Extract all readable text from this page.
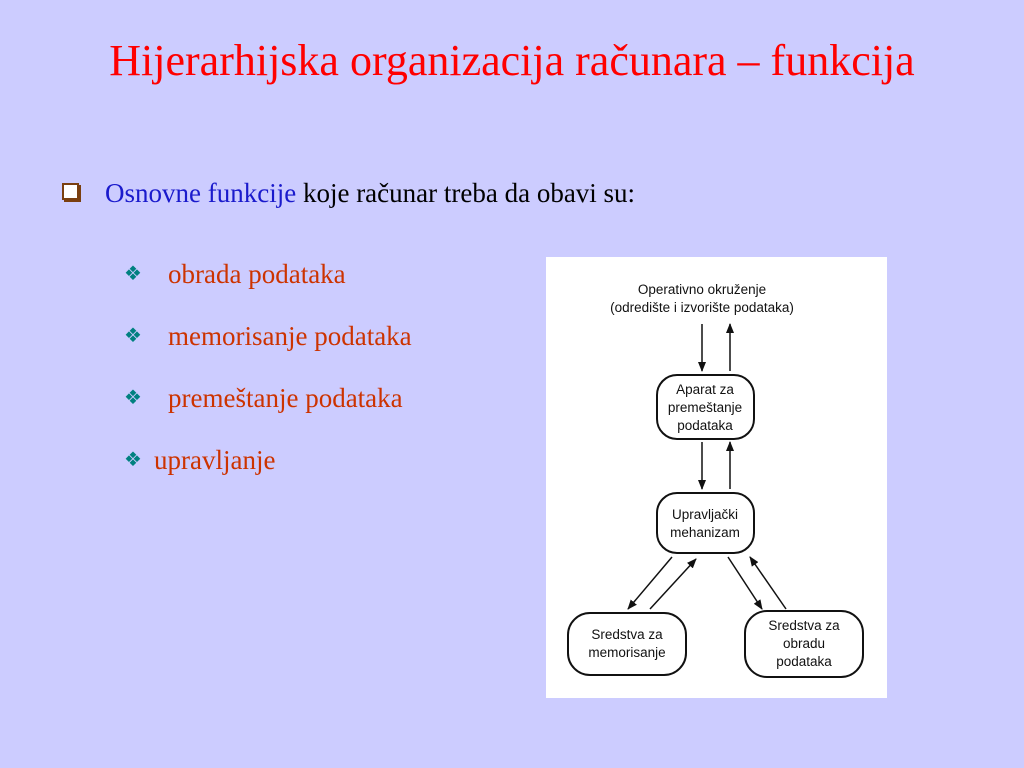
Hijerarhijska organizacija računara – funkcija
Osnovne funkcije koje računar treba da obavi su:
❖ obrada podataka
❖ memorisanje podataka
❖ premeštanje podataka
❖ upravljanje
Operativno okruženje
(odredište i izvorište podataka)
Aparat za
premeštanje
podataka
Upravljački
mehanizam
Sredstva za
memorisanje
Sredstva za
obradu
podataka
